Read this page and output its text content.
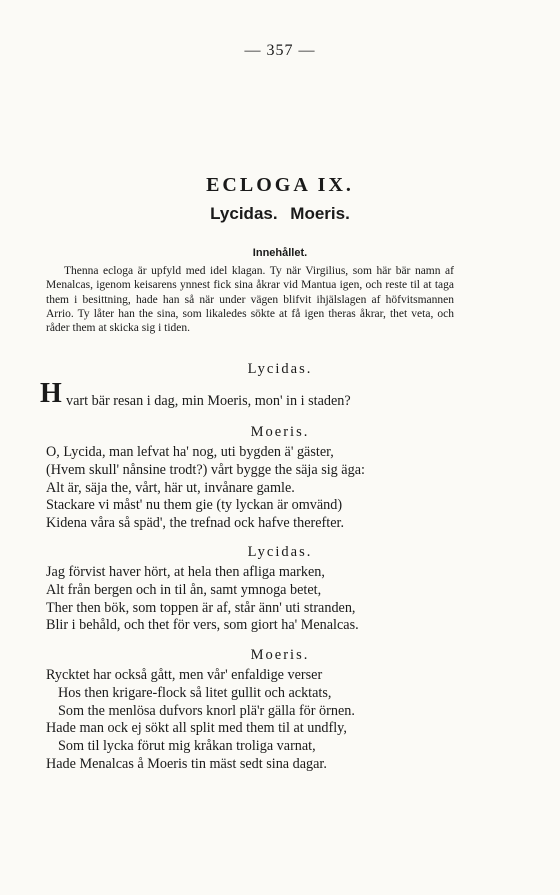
— 357 —
ECLOGA IX.
Lycidas. Moeris.
Innehållet.
Thenna ecloga är upfyld med idel klagan. Ty när Virgilius, som här bär namn af Menalcas, igenom keisarens ynnest fick sina åkrar vid Mantua igen, och reste til at taga them i besittning, hade han så när under vägen blifvit ihjälslagen af höfvitsmannen Arrio. Ty låter han the sina, som likaledes sökte at få igen theras åkrar, thet veta, och råder them at skicka sig i tiden.
Lycidas.
H vart bär resan i dag, min Moeris, mon' in i staden?
Moeris.
O, Lycida, man lefvat ha' nog, uti bygden ä' gäster,
(Hvem skull' nånsine trodt?) vårt bygge the säja sig äga:
Alt är, säja the, vårt, här ut, invånare gamle.
Stackare vi måst' nu them gie (ty lyckan är omvänd)
Kidena våra så späd', the trefnad ock hafve therefter.
Lycidas.
Jag förvist haver hört, at hela then afliga marken,
Alt från bergen och in til ån, samt ymnoga betet,
Ther then bök, som toppen är af, står änn' uti stranden,
Blir i behåld, och thet för vers, som giort ha' Menalcas.
Moeris.
Rycktet har också gått, men vår' enfaldige verser
Hos then krigare-flock så litet gullit och acktats,
Som the menlösa dufvors knorl plä'r gälla för örnen.
Hade man ock ej sökt all split med them til at undfly,
Som til lycka förut mig kråkan troliga varnat,
Hade Menalcas å Moeris tin mäst sedt sina dagar.
